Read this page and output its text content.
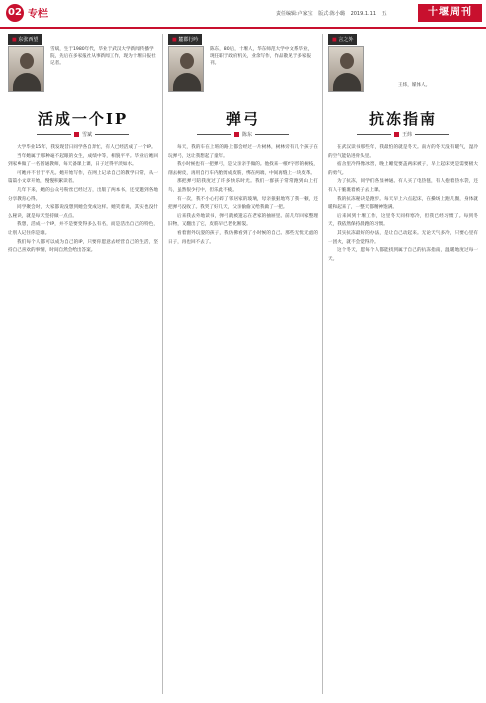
02 专栏	责任编辑:卢家宝 版式:陈小璐 2019.1.11 五	十堰周刊
■ 东张西望
雪斌，生于1980年代，毕业于武汉大学新闻传播学院，先后在多家报社从事新闻工作，现为十堰日报社记者。
活成一个IP
雪斌

大学毕业15年，我发现昔日同学各自奔忙，有人已经活成了一个IP。

当年她属于那种毫不起眼的女生，成绩中等，相貌平平。毕业后她回到家乡做了一名普通教师，每天备课上课，日子过得平淡如水。

可她并不甘于平凡。她开始写作，在网上记录自己的教学日常，从一篇篇小文章开始，慢慢积累读者。

几年下来，她的公众号粉丝已经过万，出版了两本书，还受邀到各地分享教育心得。

同学聚会时，大家都说没想到她会变成这样。她笑着说，其实也没什么秘诀，就是每天坚持做一点点。

我想，活成一个IP，并不是要变得多么有名，而是活出自己的特色，让别人记住你是谁。

我们每个人都可以成为自己的IP，只要你愿意去经营自己的生活，坚持自己喜欢的事情，时间自然会给出答案。

■ 麓郡行吟
陈东，80后，十堰人，华东师范大学中文系毕业，现任职于政府机关，业余写作，作品散见于多家报刊。
弹弓
陈东

每天，我的车在上班的路上都会经过一片树林，树林旁有几个孩子在玩弹弓，这让我想起了童年。

我小时候也有一把弹弓，是父亲亲手做的。他找来一根Y字形的树枝，削去树皮，再用自行车内胎剪成皮筋，绑在两端，中间再缝上一块皮革。

那把弹弓陪我度过了许多快乐时光。我们一群孩子常常跑到山上打鸟，虽然很少打中，但乐此不疲。

有一次，我不小心打碎了邻居家的玻璃，母亲狠狠地骂了我一顿，还把弹弓没收了。我哭了好几天，父亲偷偷又给我做了一把。

后来我去外地读书，弹弓就被遗忘在老家的抽屉里。前几年回家整理旧物，又翻出了它，皮筋早已老化断裂。

看着窗外玩耍的孩子，我仿佛看到了小时候的自己。那些无忧无虑的日子，再也回不去了。

■ 言之外
王炜，媒体人。
抗冻指南
王炜

在武汉读书那些年，我最怕的就是冬天。南方的冬天没有暖气，湿冷的空气能钻进骨头里。

宿舍里冷得像冰窖，晚上睡觉要盖两床被子，早上起床更是需要极大的勇气。

为了抗冻，同学们各显神通。有人买了电热毯，有人抱着热水袋，还有人干脆裹着被子去上课。

我的抗冻秘诀是跑步。每天早上六点起床，在操场上跑几圈，身体就暖和起来了，一整天都精神饱满。

后来回到十堰工作，这里冬天同样寒冷，但我已经习惯了。每到冬天，我依然保持晨跑的习惯。

其实抗冻最好的办法，是让自己动起来。无论天气多冷，只要心里有一团火，就不会觉得冷。

这个冬天，愿每个人都能找到属于自己的抗冻指南，温暖地度过每一天。
